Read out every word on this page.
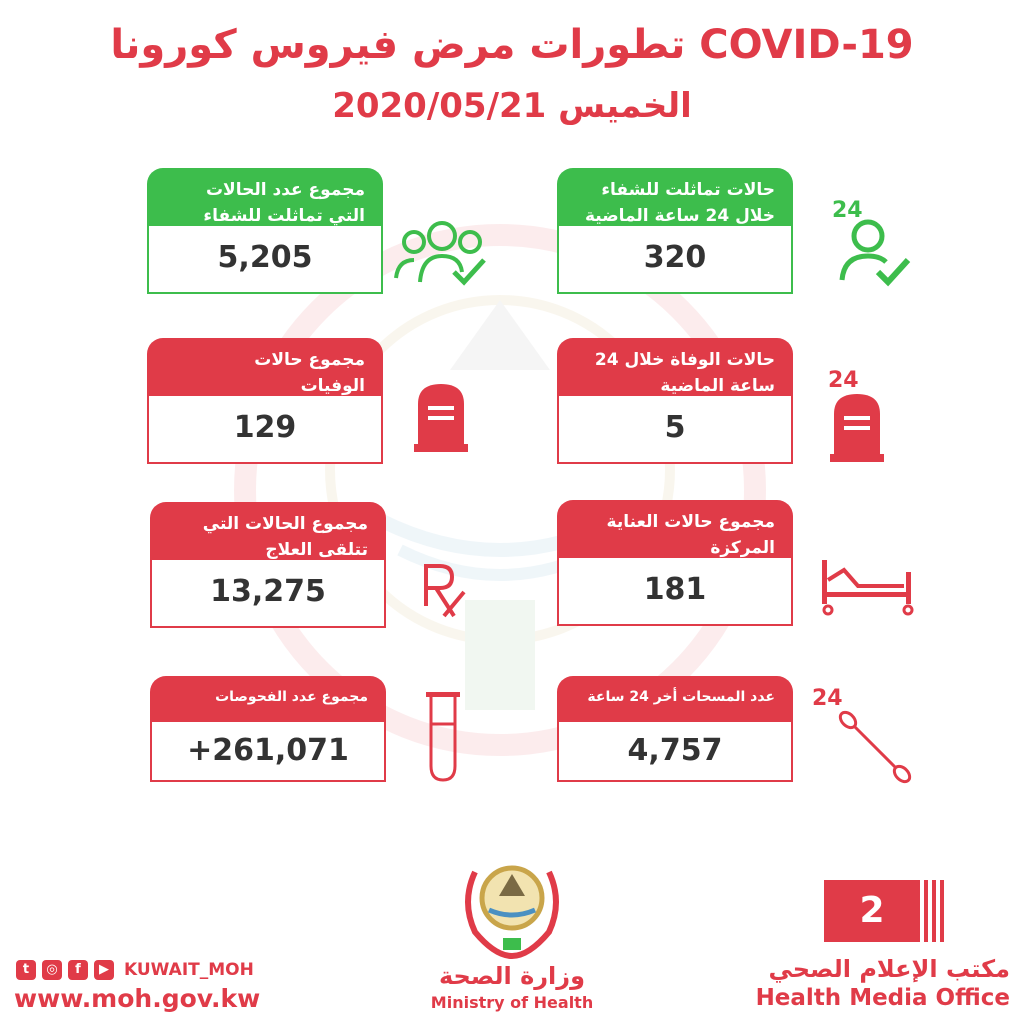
تطورات مرض فيروس كورونا COVID-19
الخميس 2020/05/21
حالات تماثلت للشفاء
خلال 24 ساعة الماضية
320
24
مجموع عدد الحالات
التي تماثلت للشفاء
5,205
حالات الوفاة خلال 24
ساعة الماضية
5
24
مجموع حالات
الوفيات
129
مجموع حالات العناية
المركزة
181
مجموع الحالات التي
تتلقى العلاج
13,275
عدد المسحات أخر 24 ساعة
4,757
24
مجموع عدد الفحوصات
+261,071
t	◎	f	▶ KUWAIT_MOH
www.moh.gov.kw
وزارة الصحة
Ministry of Health
2
مكتب الإعلام الصحي
Health Media Office
